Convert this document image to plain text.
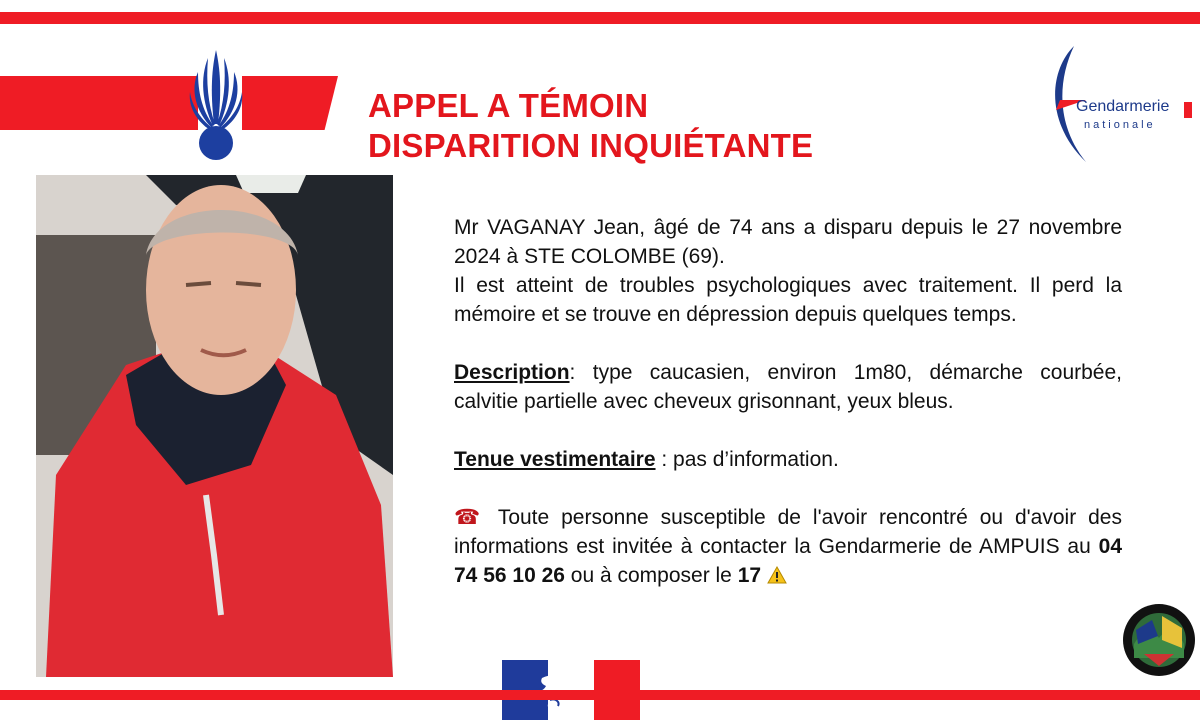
APPEL A TÉMOIN
DISPARITION INQUIÉTANTE
Gendarmerie
nationale

Mr VAGANAY Jean, âgé de 74 ans a disparu depuis le 27 novembre 2024 à STE COLOMBE (69).

Il est atteint de troubles psychologiques avec traitement. Il perd la mémoire et se trouve en dépression depuis quelques temps.

Description: type caucasien, environ 1m80, démarche courbée, calvitie partielle avec cheveux grisonnant, yeux bleus.

Tenue vestimentaire : pas d’information.

☎ Toute personne susceptible de l'avoir rencontré ou d'avoir des informations est invitée à contacter la Gendarmerie de AMPUIS au 04 74 56 10 26 ou à composer le 17
